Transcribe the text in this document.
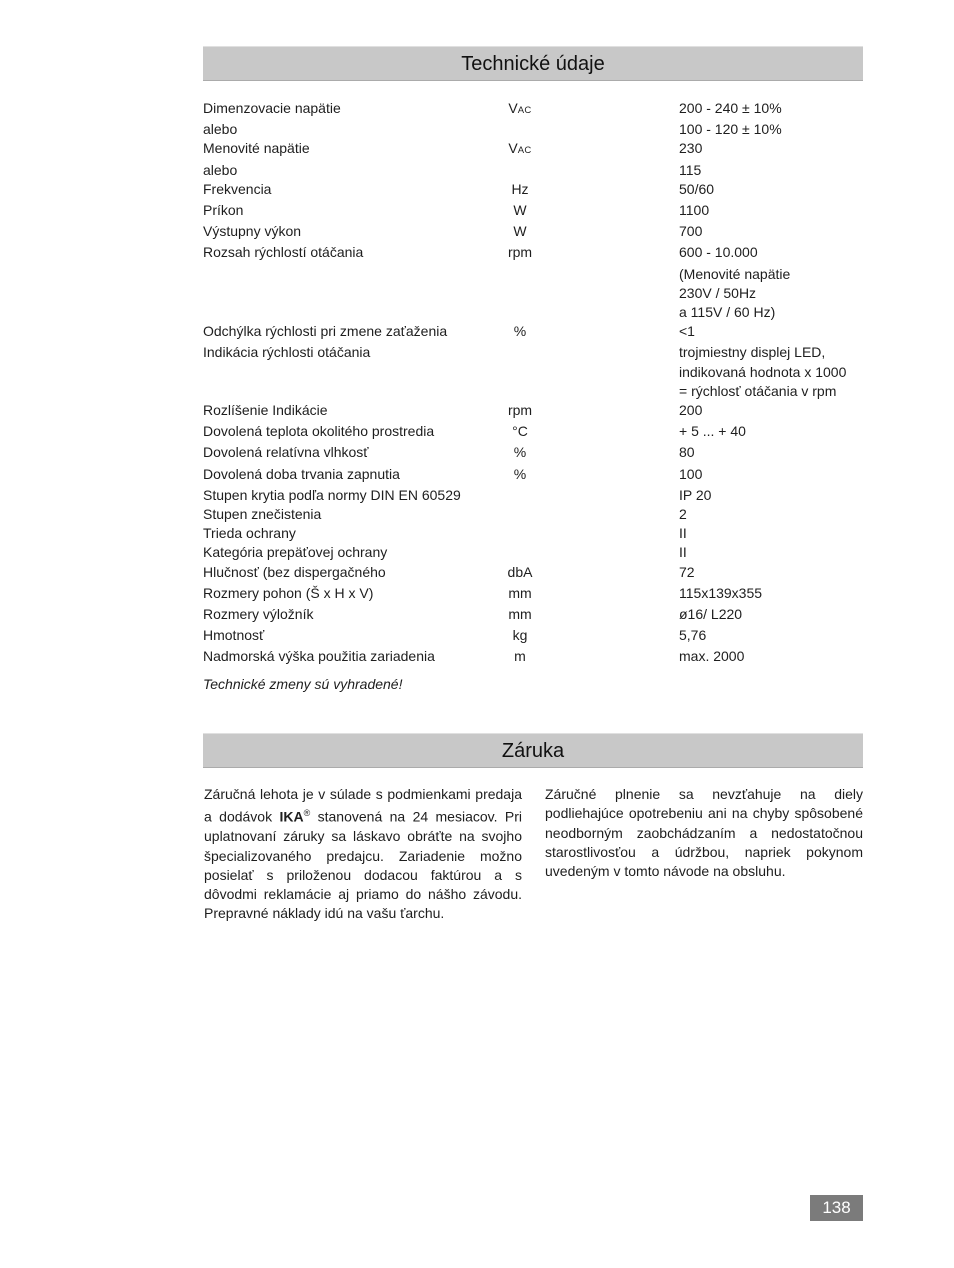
Technické údaje
Dimenzovacie napätie	VAC	200 - 240 ± 10%
alebo		100 - 120 ± 10%
Menovité napätie	VAC	230
alebo		115
Frekvencia	Hz	50/60
Príkon	W	1100
Výstupny výkon	W	700
Rozsah rýchlostí otáčania	rpm	600 - 10.000
		(Menovité napätie
		230V / 50Hz
		a 115V / 60 Hz)
Odchýlka rýchlosti pri zmene zaťaženia	%	<1
Indikácia rýchlosti otáčania		trojmiestny displej LED,
		indikovaná hodnota x 1000
		= rýchlosť otáčania v rpm
Rozlíšenie Indikácie	rpm	200
Dovolená teplota okolitého prostredia	°C	+ 5 ... + 40
Dovolená relatívna vlhkosť	%	80
Dovolená doba trvania zapnutia	%	100
Stupen krytia podľa normy DIN EN 60529		IP 20
Stupen znečistenia		2
Trieda ochrany		II
Kategória prepäťovej ochrany		II
Hlučnosť (bez dispergačného	dbA	72
Rozmery pohon (Š x H x V)	mm	115x139x355
Rozmery výložník	mm	ø16/ L220
Hmotnosť	kg	5,76
Nadmorská výška použitia zariadenia	m	max. 2000
Technické zmeny sú vyhradené!
Záruka

Záručná lehota je v súlade s podmienkami predaja a dodávok IKA® stanovená na 24 mesiacov. Pri uplatnovaní záruky sa láskavo obráťte na svojho špecializovaného predajcu. Zariadenie možno posielať s priloženou dodacou faktúrou a s dôvodmi reklamácie aj priamo do nášho závodu. Prepravné náklady idú na vašu ťarchu.

Záručné plnenie sa nevzťahuje na diely podliehajúce opotrebeniu ani na chyby spôsobené neodborným zaobchádzaním a nedostatočnou starostlivosťou a údržbou, napriek pokynom uvedeným v tomto návode na obsluhu.

138
